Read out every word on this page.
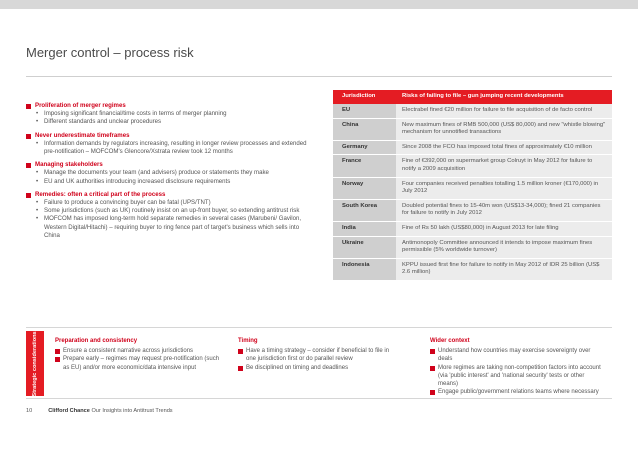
Merger control – process risk
Proliferation of merger regimes
• Imposing significant financial/time costs in terms of merger planning
• Different standards and unclear procedures
Never underestimate timeframes
• Information demands by regulators increasing, resulting in longer review processes and extended pre-notification – MOFCOM's Glencore/Xstrata review took 12 months
Managing stakeholders
• Manage the documents your team (and advisers) produce or statements they make
• EU and UK authorities introducing increased disclosure requirements
Remedies: often a critical part of the process
• Failure to produce a convincing buyer can be fatal (UPS/TNT)
• Some jurisdictions (such as UK) routinely insist on an up-front buyer, so extending antitrust risk
• MOFCOM has imposed long-term hold separate remedies in several cases (Marubeni/ Gavilon, Western Digital/Hitachi) – requiring buyer to ring fence part of target's business which sells into China
Jurisdiction	Risks of failing to file – gun jumping recent developments
EU	Electrabel fined €20 million for failure to file acquisition of de facto control
China	New maximum fines of RMB 500,000 (US$ 80,000) and new "whistle blowing" mechanism for unnotified transactions
Germany	Since 2008 the FCO has imposed total fines of approximately €10 million
France	Fine of €392,000 on supermarket group Colruyt in May 2012 for failure to notify a 2009 acquisition
Norway	Four companies received penalties totalling 1.5 million kroner (€170,000) in July 2012
South Korea	Doubled potential fines to 15-40m won (US$13-34,000); fined 21 companies for failure to notify in July 2012
India	Fine of Rs 50 lakh (US$80,000) in August 2013 for late filing
Ukraine	Antimonopoly Committee announced it intends to impose maximum fines permissible (5% worldwide turnover)
Indonesia	KPPU issued first fine for failure to notify in May 2012 of IDR 25 billion (US$ 2.6 million)
Strategic considerations	Preparation and consistency
Ensure a consistent narrative across jurisdictions
Prepare early – regimes may request pre-notification (such as EU) and/or more economic/data intensive input
Timing
Have a timing strategy – consider if beneficial to file in one jurisdiction first or do parallel review
Be disciplined on timing and deadlines
Wider context
Understand how countries may exercise sovereignty over deals
More regimes are taking non-competition factors into account (via 'public interest' and 'national security' tests or other means)
Engage public/government relations teams where necessary
10	Clifford Chance Our Insights into Antitrust Trends
